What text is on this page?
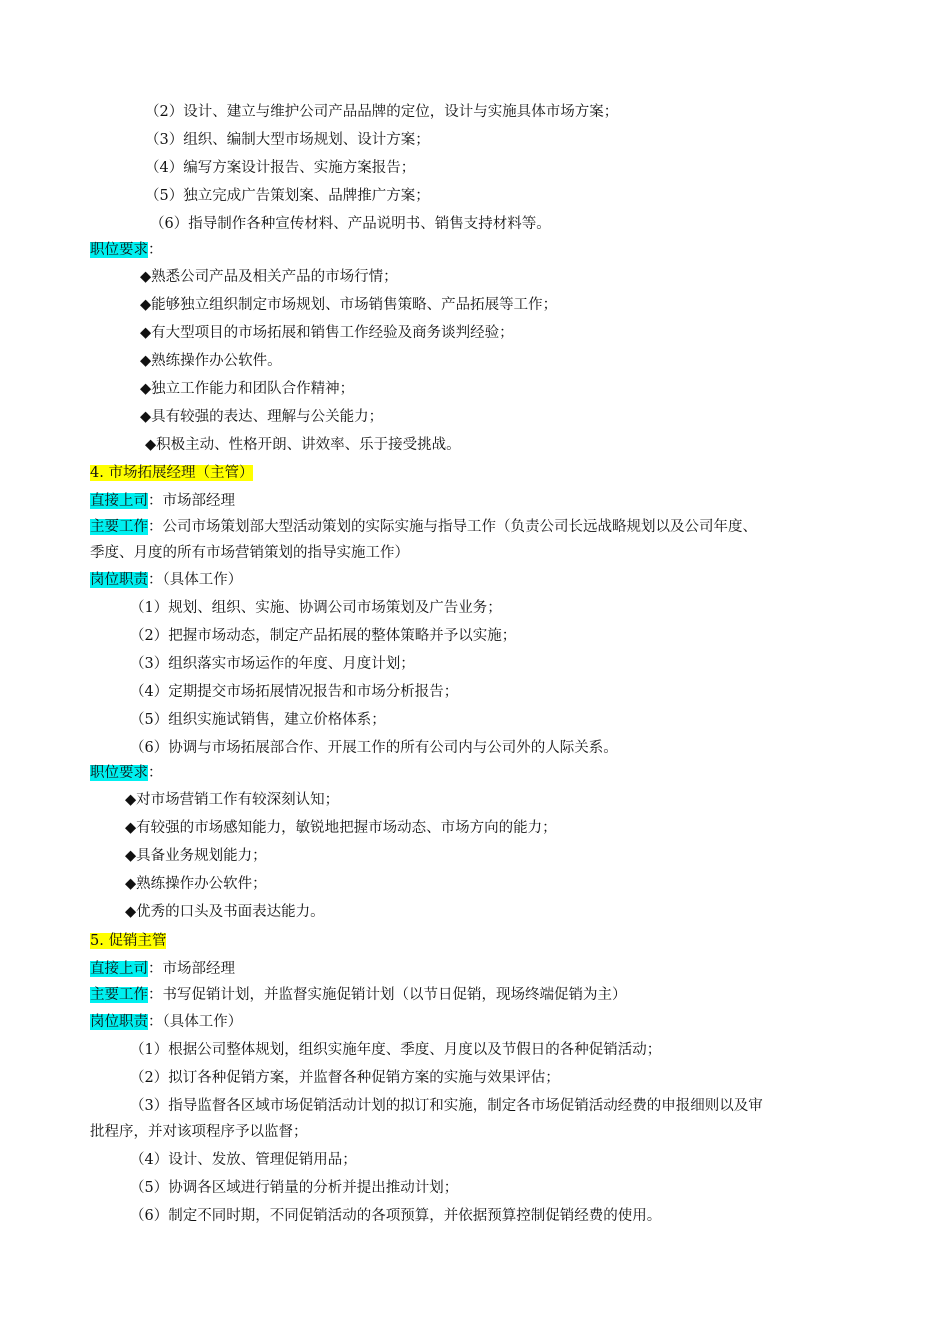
（2）设计、建立与维护公司产品品牌的定位，设计与实施具体市场方案；
（3）组织、编制大型市场规划、设计方案；
（4）编写方案设计报告、实施方案报告；
（5）独立完成广告策划案、品牌推广方案；
（6）指导制作各种宣传材料、产品说明书、销售支持材料等。
职位要求：
◆熟悉公司产品及相关产品的市场行情；
◆能够独立组织制定市场规划、市场销售策略、产品拓展等工作；
◆有大型项目的市场拓展和销售工作经验及商务谈判经验；
◆熟练操作办公软件。
◆独立工作能力和团队合作精神；
◆具有较强的表达、理解与公关能力；
◆积极主动、性格开朗、讲效率、乐于接受挑战。
4. 市场拓展经理（主管）
直接上司：市场部经理
主要工作：公司市场策划部大型活动策划的实际实施与指导工作（负责公司长远战略规划以及公司年度、
季度、月度的所有市场营销策划的指导实施工作）
岗位职责：（具体工作）
（1）规划、组织、实施、协调公司市场策划及广告业务；
（2）把握市场动态，制定产品拓展的整体策略并予以实施；
（3）组织落实市场运作的年度、月度计划；
（4）定期提交市场拓展情况报告和市场分析报告；
（5）组织实施试销售，建立价格体系；
（6）协调与市场拓展部合作、开展工作的所有公司内与公司外的人际关系。
职位要求：
◆对市场营销工作有较深刻认知；
◆有较强的市场感知能力，敏锐地把握市场动态、市场方向的能力；
◆具备业务规划能力；
◆熟练操作办公软件；
◆优秀的口头及书面表达能力。
5. 促销主管
直接上司：市场部经理
主要工作：书写促销计划，并监督实施促销计划（以节日促销，现场终端促销为主）
岗位职责：（具体工作）
（1）根据公司整体规划，组织实施年度、季度、月度以及节假日的各种促销活动；
（2）拟订各种促销方案，并监督各种促销方案的实施与效果评估；
（3）指导监督各区域市场促销活动计划的拟订和实施，制定各市场促销活动经费的申报细则以及审
批程序，并对该项程序予以监督；
（4）设计、发放、管理促销用品；
（5）协调各区域进行销量的分析并提出推动计划；
（6）制定不同时期，不同促销活动的各项预算，并依据预算控制促销经费的使用。
